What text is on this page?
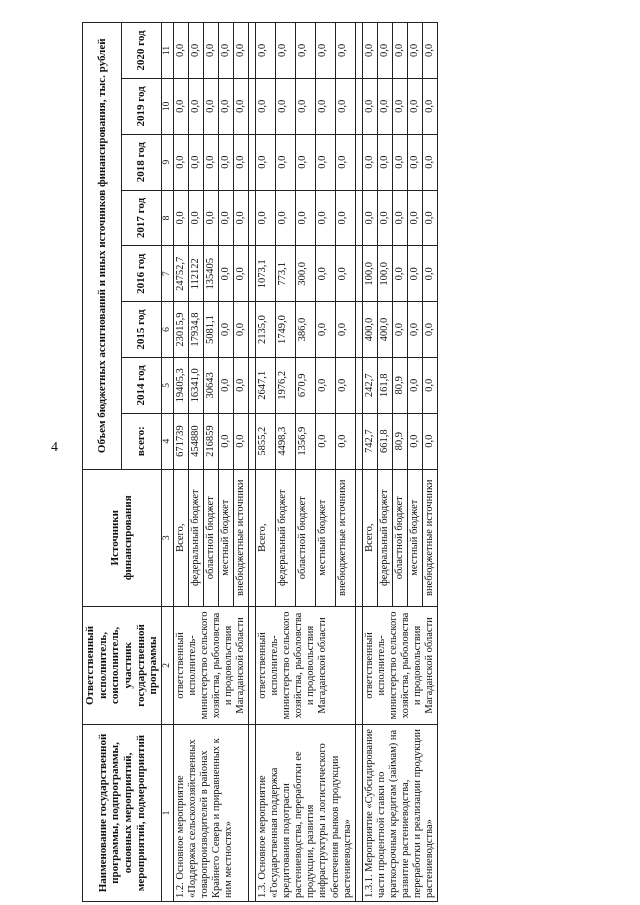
4
Наименование государственной программы, подпрограммы, основных мероприятий, мероприятий, подмероприятий	Ответственный исполнитель, соисполнитель, участник государственной программы	Источники финансирования	Объем бюджетных ассигнований и иных источников финансирования, тыс. рублей							
			всего:	2014 год	2015 год	2016 год	2017 год	2018 год	2019 год	2020 год
1	2	3	4	5	6	7	8	9	10	11
1.2. Основное мероприятие «Поддержка сельскохозяйственных товаропроизводителей в районах Крайнего Севера и приравненных к ним местностях»	ответственный исполнитель-министерство сельского хозяйства, рыболовства и продовольствия Магаданской области	Всего,	671739	19405,3	23015,9	24752,7	0,0	0,0	0,0	0,0
		федеральный бюджет	454880	16341,0	17934,8	112122	0,0	0,0	0,0	0,0
		областной бюджет	216859	30643	5081,1	135405	0,0	0,0	0,0	0,0
		местный бюджет	0,0	0,0	0,0	0,0	0,0	0,0	0,0	0,0
		внебюджетные источники	0,0	0,0	0,0	0,0	0,0	0,0	0,0	0,0

1.3. Основное мероприятие «Государственная поддержка кредитования подотрасли растениеводства, переработки ее продукции, развития инфраструктуры и логистического обеспечения рынков продукции растениеводства»	ответственный исполнитель-министерство сельского хозяйства, рыболовства и продовольствия Магаданской области	Всего,	5855,2	2647,1	2135,0	1073,1	0,0	0,0	0,0	0,0
		федеральный бюджет	4498,3	1976,2	1749,0	773,1	0,0	0,0	0,0	0,0
		областной бюджет	1356,9	670,9	386,0	300,0	0,0	0,0	0,0	0,0
		местный бюджет	0,0	0,0	0,0	0,0	0,0	0,0	0,0	0,0
		внебюджетные источники	0,0	0,0	0,0	0,0	0,0	0,0	0,0	0,0

1.3.1. Мероприятие «Субсидирование части процентной ставки по краткосрочным кредитам (займам) на развитие растениеводства, переработки и реализации продукции растениеводства»	ответственный исполнитель-министерство сельского хозяйства, рыболовства и продовольствия Магаданской области	Всего,	742,7	242,7	400,0	100,0	0,0	0,0	0,0	0,0
		федеральный бюджет	661,8	161,8	400,0	100,0	0,0	0,0	0,0	0,0
		областной бюджет	80,9	80,9	0,0	0,0	0,0	0,0	0,0	0,0
		местный бюджет	0,0	0,0	0,0	0,0	0,0	0,0	0,0	0,0
		внебюджетные источники	0,0	0,0	0,0	0,0	0,0	0,0	0,0	0,0
